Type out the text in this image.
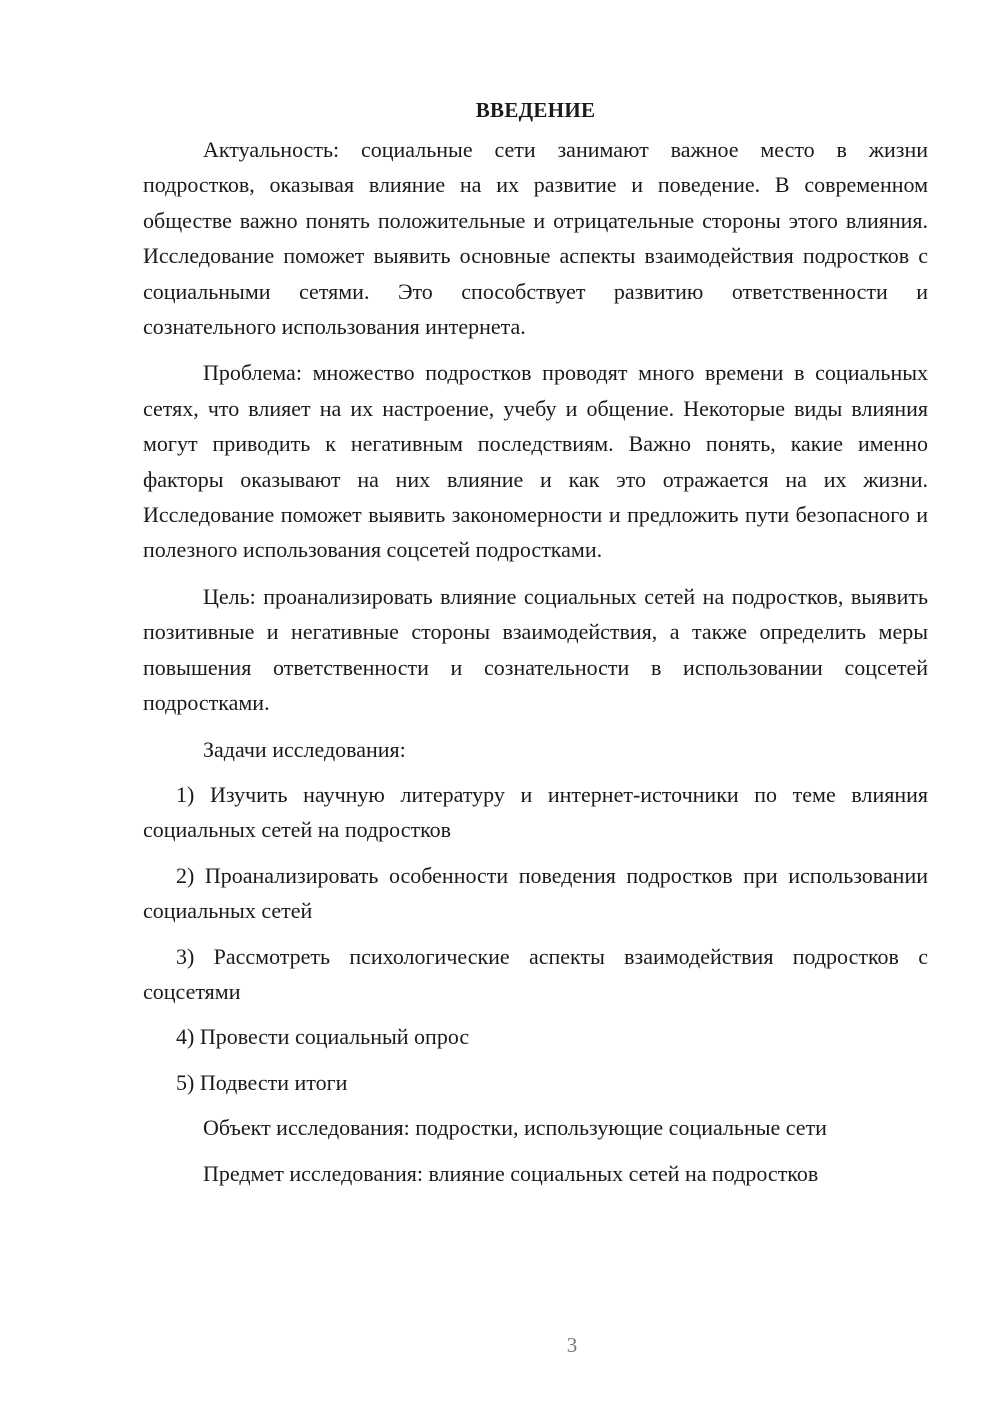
ВВЕДЕНИЕ

Актуальность: социальные сети занимают важное место в жизни подростков, оказывая влияние на их развитие и поведение. В современном обществе важно понять положительные и отрицательные стороны этого влияния. Исследование поможет выявить основные аспекты взаимодействия подростков с социальными сетями. Это способствует развитию ответственности и сознательного использования интернета.

Проблема: множество подростков проводят много времени в социальных сетях, что влияет на их настроение, учебу и общение. Некоторые виды влияния могут приводить к негативным последствиям. Важно понять, какие именно факторы оказывают на них влияние и как это отражается на их жизни. Исследование поможет выявить закономерности и предложить пути безопасного и полезного использования соцсетей подростками.

Цель: проанализировать влияние социальных сетей на подростков, выявить позитивные и негативные стороны взаимодействия, а также определить меры повышения ответственности и сознательности в использовании соцсетей подростками.

Задачи исследования:

1) Изучить научную литературу и интернет-источники по теме влияния социальных сетей на подростков

2) Проанализировать особенности поведения подростков при использовании социальных сетей

3) Рассмотреть психологические аспекты взаимодействия подростков с соцсетями

4) Провести социальный опрос

5) Подвести итоги

Объект исследования: подростки, использующие социальные сети

Предмет исследования: влияние социальных сетей на подростков

3
